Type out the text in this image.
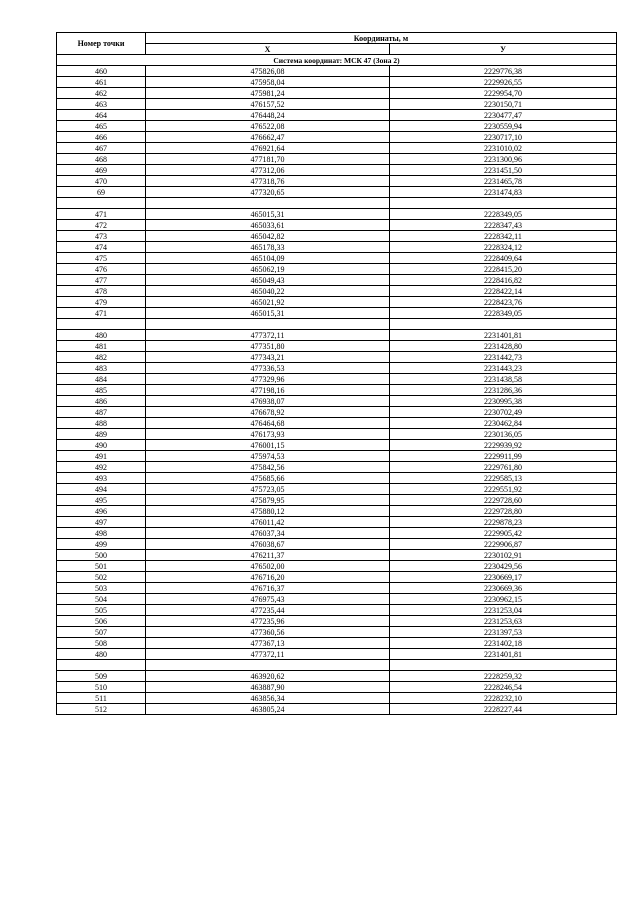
Номер точки	Координаты, м	
	Х	У
Система координат: МСК 47 (Зона 2)		
460	475826,08	2229776,38
461	475958,04	2229926,55
462	475981,24	2229954,70
463	476157,52	2230150,71
464	476448,24	2230477,47
465	476522,08	2230559,94
466	476662,47	2230717,10
467	476921,64	2231010,02
468	477181,70	2231300,96
469	477312,06	2231451,50
470	477318,76	2231465,78
69	477320,65	2231474,83

471	465015,31	2228349,05
472	465033,61	2228347,43
473	465042,82	2228342,11
474	465178,33	2228324,12
475	465104,09	2228409,64
476	465062,19	2228415,20
477	465049,43	2228416,82
478	465040,22	2228422,14
479	465021,92	2228423,76
471	465015,31	2228349,05

480	477372,11	2231401,81
481	477351,80	2231428,80
482	477343,21	2231442,73
483	477336,53	2231443,23
484	477329,96	2231438,58
485	477198,16	2231286,36
486	476938,07	2230995,38
487	476678,92	2230702,49
488	476464,68	2230462,84
489	476173,93	2230136,05
490	476001,15	2229939,92
491	475974,53	2229911,99
492	475842,56	2229761,80
493	475685,66	2229585,13
494	475723,05	2229551,92
495	475879,95	2229728,60
496	475880,12	2229728,80
497	476011,42	2229878,23
498	476037,34	2229905,42
499	476038,67	2229906,87
500	476211,37	2230102,91
501	476502,00	2230429,56
502	476716,20	2230669,17
503	476716,37	2230669,36
504	476975,43	2230962,15
505	477235,44	2231253,04
506	477235,96	2231253,63
507	477360,56	2231397,53
508	477367,13	2231402,18
480	477372,11	2231401,81

509	463920,62	2228259,32
510	463887,90	2228246,54
511	463856,34	2228232,10
512	463805,24	2228227,44
